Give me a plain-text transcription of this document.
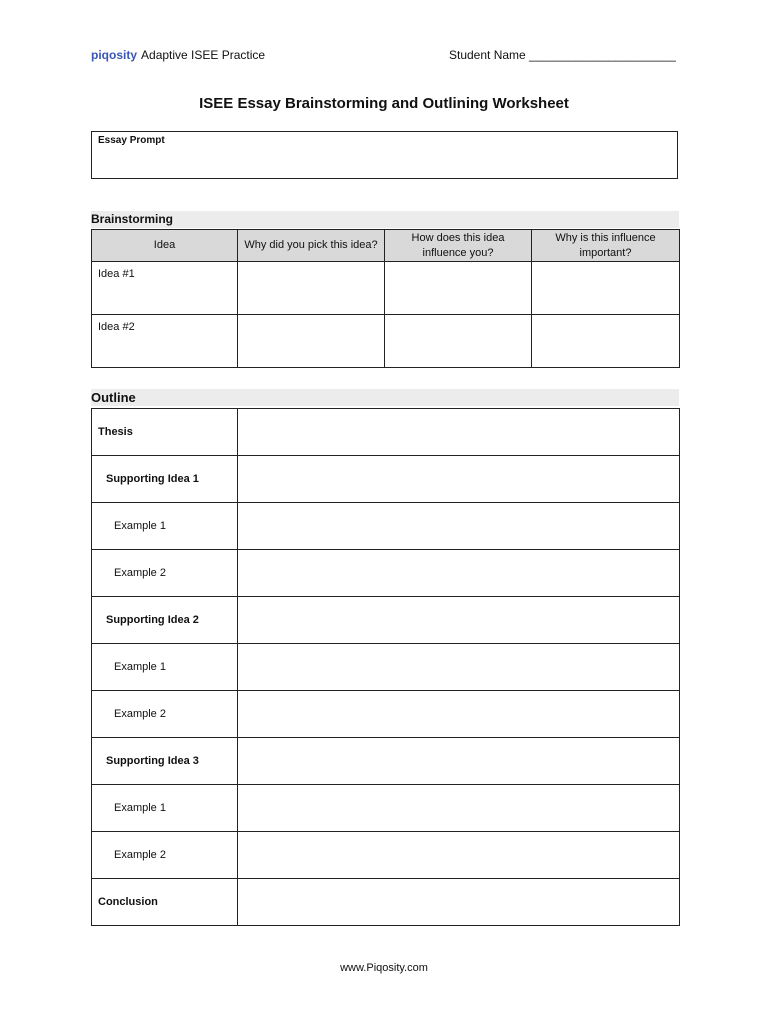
piqosity Adaptive ISEE Practice	Student Name ______________________
ISEE Essay Brainstorming and Outlining Worksheet
Essay Prompt
Brainstorming
Idea	Why did you pick this idea?	How does this idea influence you?	Why is this influence important?
Idea #1			
Idea #2			
Outline
Thesis	
Supporting Idea 1	
Example 1	
Example 2	
Supporting Idea 2	
Example 1	
Example 2	
Supporting Idea 3	
Example 1	
Example 2	
Conclusion	
www.Piqosity.com
